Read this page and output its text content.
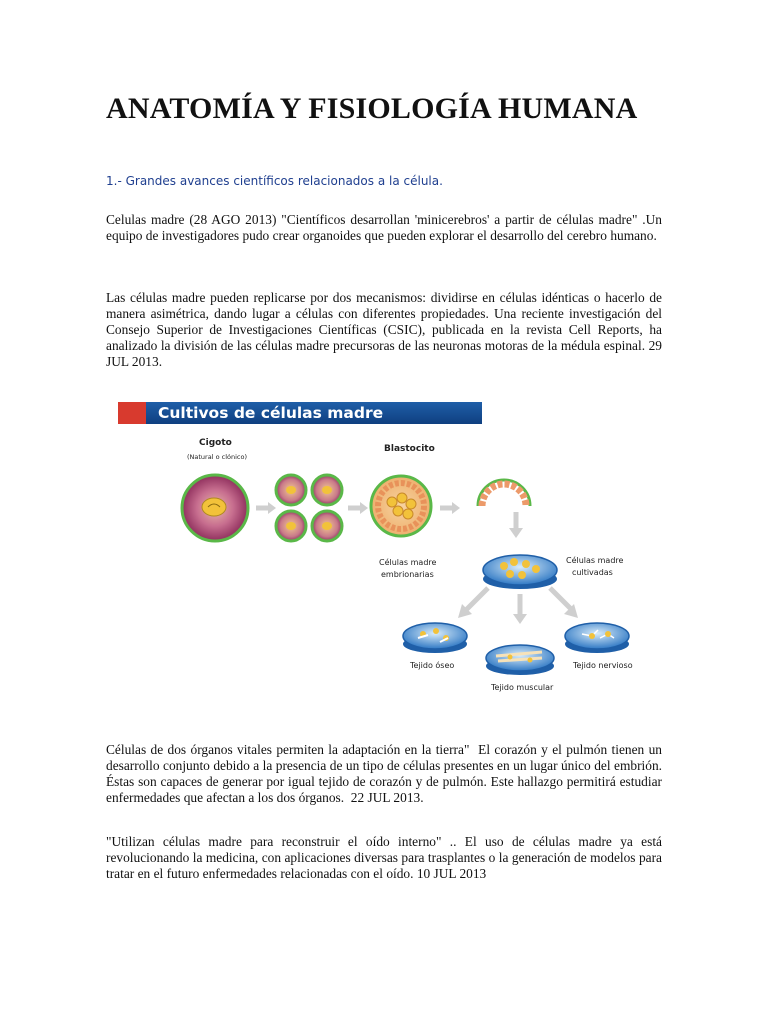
ANATOMÍA Y FISIOLOGÍA HUMANA

1.- Grandes avances científicos relacionados a la célula.

Celulas madre (28 AGO 2013) "Científicos desarrollan 'minicerebros' a partir de células madre" .Un equipo de investigadores pudo crear organoides que pueden explorar el desarrollo del cerebro humano.

Las células madre pueden replicarse por dos mecanismos: dividirse en células idénticas o hacerlo de manera asimétrica, dando lugar a células con diferentes propiedades. Una reciente investigación del Consejo Superior de Investigaciones Científicas (CSIC), publicada en la revista Cell Reports, ha analizado la división de las células madre precursoras de las neuronas motoras de la médula espinal. 29 JUL 2013.

Cultivos de células madre
Cigoto
(Natural o clónico)
Blastocito
Células madre
embrionarias
Células madre
cultivadas
Tejido óseo	Tejido nervioso
Tejido muscular

Células de dos órganos vitales permiten la adaptación en la tierra"  El corazón y el pulmón tienen un desarrollo conjunto debido a la presencia de un tipo de células presentes en un lugar único del embrión. Éstas son capaces de generar por igual tejido de corazón y de pulmón. Este hallazgo permitirá estudiar enfermedades que afectan a los dos órganos.  22 JUL 2013.

"Utilizan células madre para reconstruir el oído interno" .. El uso de células madre ya está revolucionando la medicina, con aplicaciones diversas para trasplantes o la generación de modelos para tratar en el futuro enfermedades relacionadas con el oído. 10 JUL 2013
